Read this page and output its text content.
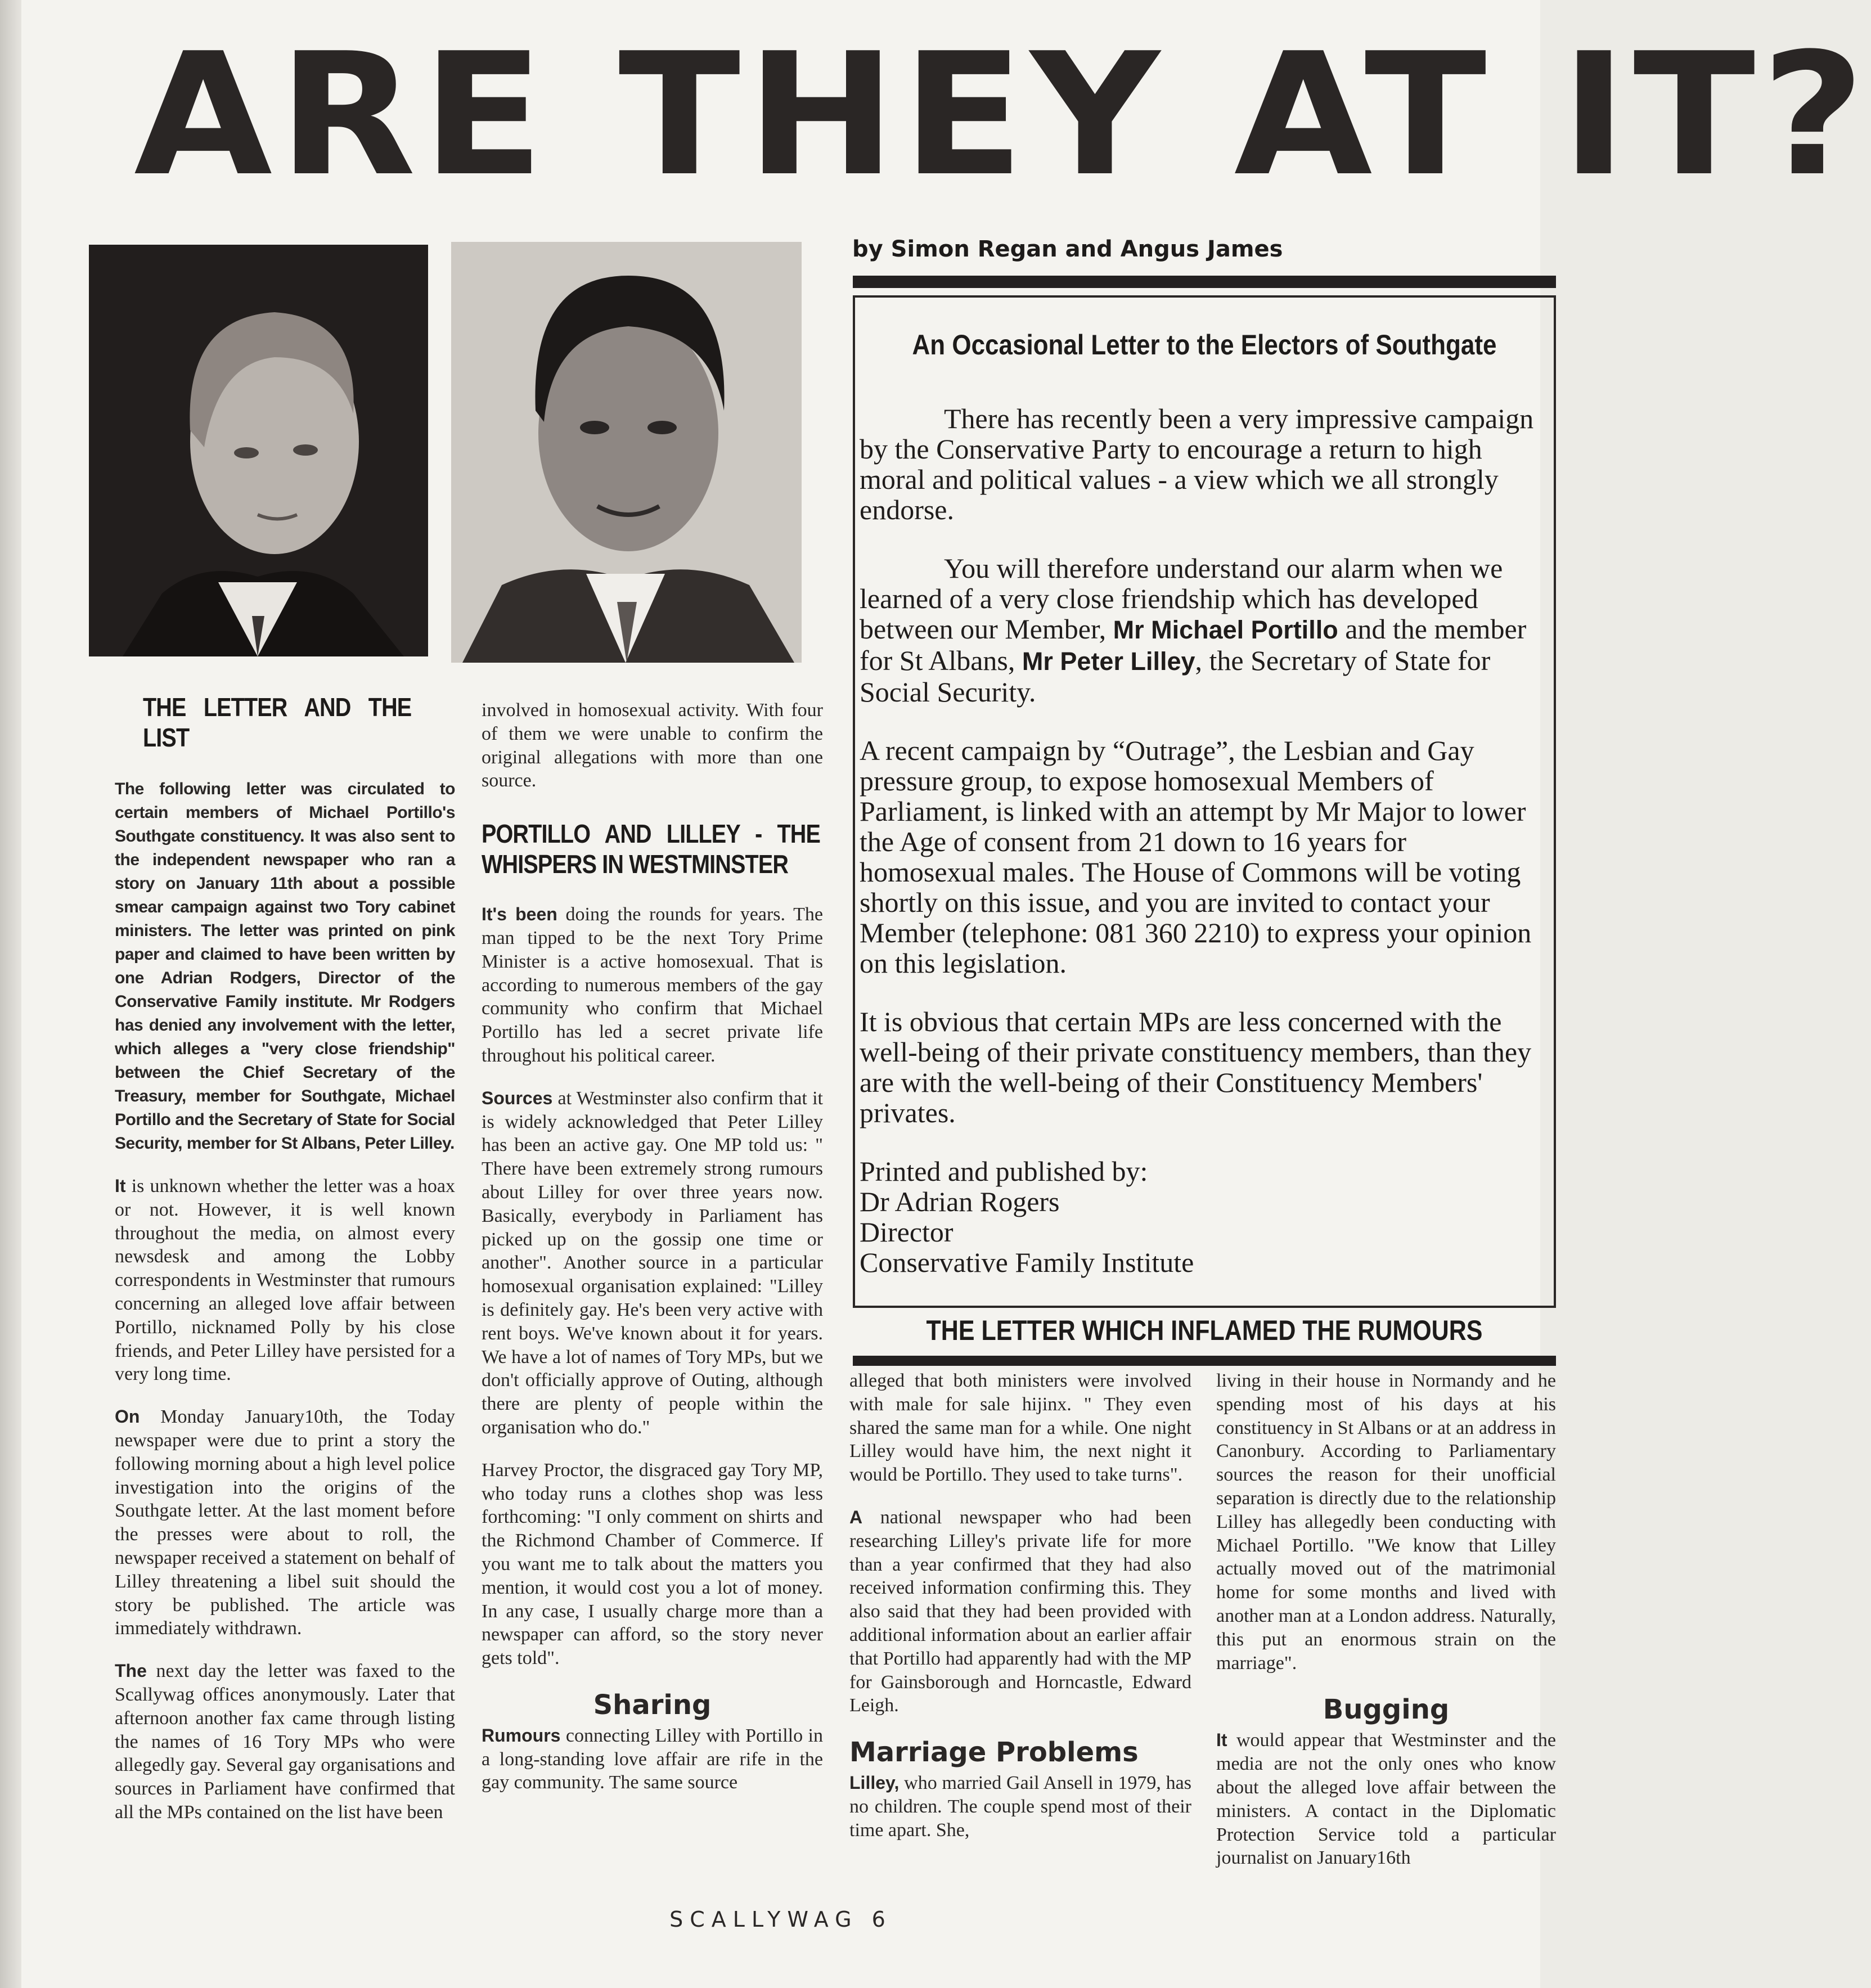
ARE THEY AT IT?
by Simon Regan and Angus James
THE LETTER AND THE LIST

The following letter was circulated to certain members of Michael Portillo's Southgate constituency. It was also sent to the independent newspaper who ran a story on January 11th about a possible smear campaign against two Tory cabinet ministers. The letter was printed on pink paper and claimed to have been written by one Adrian Rodgers, Director of the Conservative Family institute. Mr Rodgers has denied any involvement with the letter, which alleges a "very close friendship" between the Chief Secretary of the Treasury, member for Southgate, Michael Portillo and the Secretary of State for Social Security, member for St Albans, Peter Lilley.

It is unknown whether the letter was a hoax or not. However, it is well known throughout the media, on almost every newsdesk and among the Lobby correspondents in Westminster that rumours concerning an alleged love affair between Portillo, nicknamed Polly by his close friends, and Peter Lilley have persisted for a very long time.

On Monday January10th, the Today newspaper were due to print a story the following morning about a high level police investigation into the origins of the Southgate letter. At the last moment before the presses were about to roll, the newspaper received a statement on behalf of Lilley threatening a libel suit should the story be published. The article was immediately withdrawn.

The next day the letter was faxed to the Scallywag offices anonymously. Later that afternoon another fax came through listing the names of 16 Tory MPs who were allegedly gay. Several gay organisations and sources in Parliament have confirmed that all the MPs contained on the list have been

involved in homosexual activity. With four of them we were unable to confirm the original allegations with more than one source.

PORTILLO AND LILLEY - THE WHISPERS IN WESTMINSTER

It's been doing the rounds for years. The man tipped to be the next Tory Prime Minister is a active homosexual. That is according to numerous members of the gay community who confirm that Michael Portillo has led a secret private life throughout his political career.

Sources at Westminster also confirm that it is widely acknowledged that Peter Lilley has been an active gay. One MP told us: " There have been extremely strong rumours about Lilley for over three years now. Basically, everybody in Parliament has picked up on the gossip one time or another". Another source in a particular homosexual organisation explained: "Lilley is definitely gay. He's been very active with rent boys. We've known about it for years. We have a lot of names of Tory MPs, but we don't officially approve of Outing, although there are plenty of people within the organisation who do."

Harvey Proctor, the disgraced gay Tory MP, who today runs a clothes shop was less forthcoming: "I only comment on shirts and the Richmond Chamber of Commerce. If you want me to talk about the matters you mention, it would cost you a lot of money. In any case, I usually charge more than a newspaper can afford, so the story never gets told".

Sharing

Rumours connecting Lilley with Portillo in a long-standing love affair are rife in the gay community. The same source

An Occasional Letter to the Electors of Southgate

There has recently been a very impressive campaign by the Conservative Party to encourage a return to high moral and political values - a view which we all strongly endorse.

You will therefore understand our alarm when we learned of a very close friendship which has developed between our Member, Mr Michael Portillo and the member for St Albans, Mr Peter Lilley, the Secretary of State for Social Security.

A recent campaign by “Outrage”, the Lesbian and Gay pressure group, to expose homosexual Members of Parliament, is linked with an attempt by Mr Major to lower the Age of consent from 21 down to 16 years for homosexual males. The House of Commons will be voting shortly on this issue, and you are invited to contact your Member (telephone: 081 360 2210) to express your opinion on this legislation.

It is obvious that certain MPs are less concerned with the well-being of their private constituency members, than they are with the well-being of their Constituency Members' privates.

Printed and published by:

Dr Adrian Rogers

Director

Conservative Family Institute

THE LETTER WHICH INFLAMED THE RUMOURS

alleged that both ministers were involved with male for sale hijinx. " They even shared the same man for a while. One night Lilley would have him, the next night it would be Portillo. They used to take turns".

A national newspaper who had been researching Lilley's private life for more than a year confirmed that they had also received information confirming this. They also said that they had been provided with additional information about an earlier affair that Portillo had apparently had with the MP for Gainsborough and Horncastle, Edward Leigh.

Marriage Problems

Lilley, who married Gail Ansell in 1979, has no children. The couple spend most of their time apart. She,

living in their house in Normandy and he spending most of his days at his constituency in St Albans or at an address in Canonbury. According to Parliamentary sources the reason for their unofficial separation is directly due to the relationship Lilley has allegedly been conducting with Michael Portillo. "We know that Lilley actually moved out of the matrimonial home for some months and lived with another man at a London address. Naturally, this put an enormous strain on the marriage".

Bugging

It would appear that Westminster and the media are not the only ones who know about the alleged love affair between the ministers. A contact in the Diplomatic Protection Service told a particular journalist on January16th

SCALLYWAG 6
